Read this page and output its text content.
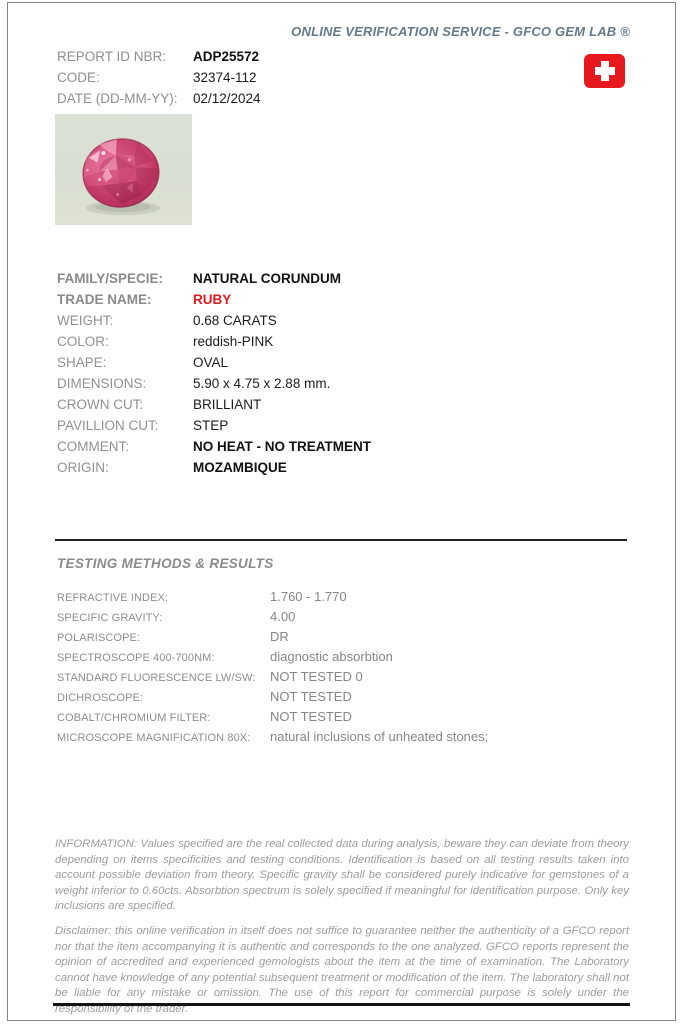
ONLINE VERIFICATION SERVICE - GFCO GEM LAB ®
REPORT ID NBR: ADP25572
CODE:	32374-112
DATE (DD-MM-YY): 02/12/2024
FAMILY/SPECIE: NATURAL CORUNDUM
TRADE NAME:	RUBY
WEIGHT:	0.68 CARATS
COLOR:	reddish-PINK
SHAPE:	OVAL
DIMENSIONS:	5.90 x 4.75 x 2.88 mm.
CROWN CUT:	BRILLIANT
PAVILLION CUT:	STEP
COMMENT:	NO HEAT - NO TREATMENT
ORIGIN:	MOZAMBIQUE
TESTING METHODS & RESULTS
REFRACTIVE INDEX:	1.760 - 1.770
SPECIFIC GRAVITY:	4.00
POLARISCOPE:	DR
SPECTROSCOPE 400-700NM:	diagnostic absorbtion
STANDARD FLUORESCENCE LW/SW: NOT TESTED 0
DICHROSCOPE:	NOT TESTED
COBALT/CHROMIUM FILTER:	NOT TESTED
MICROSCOPE MAGNIFICATION 80X: natural inclusions of unheated stones;
INFORMATION: Values specified are the real collected data during analysis, beware they can deviate from theory depending on items specificities and testing conditions. Identification is based on all testing results taken into account possible deviation from theory. Specific gravity shall be considered purely indicative for gemstones of a weight inferior to 0.60cts. Absorbtion spectrum is solely specified if meaningful for identification purpose. Only key inclusions are specified.
Disclaimer: this online verification in itself does not suffice to guarantee neither the authenticity of a GFCO report nor that the item accompanying it is authentic and corresponds to the one analyzed. GFCO reports represent the opinion of accredited and experienced gemologists about the item at the time of examination. The Laboratory cannot have knowledge of any potential subsequent treatment or modification of the item. The laboratory shall not be liable for any mistake or omission. The use of this report for commercial purpose is solely under the responsibility of the trader.
